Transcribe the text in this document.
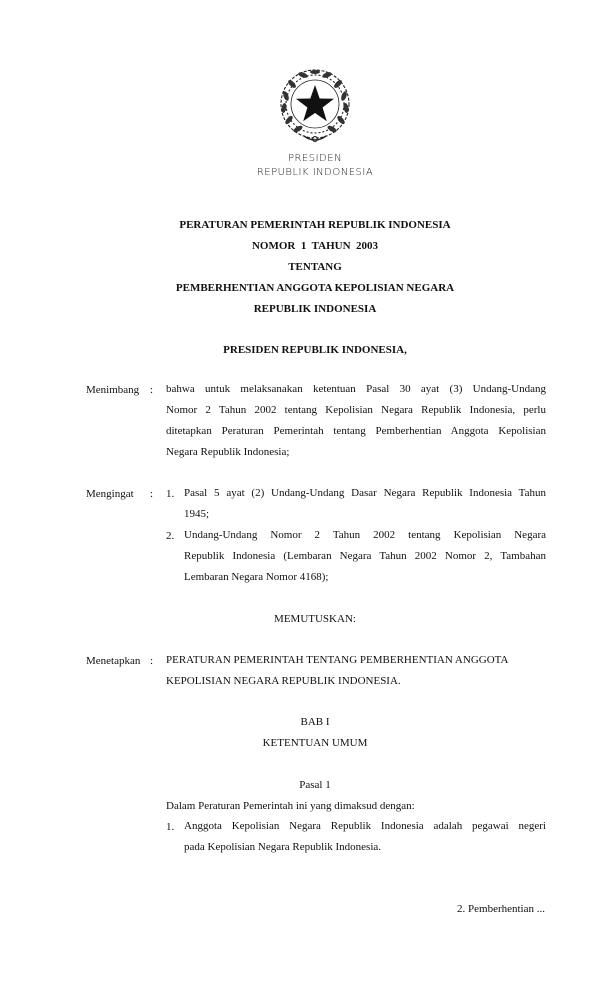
PRESIDEN
REPUBLIK INDONESIA
PERATURAN PEMERINTAH REPUBLIK INDONESIA
NOMOR  1  TAHUN  2003
TENTANG
PEMBERHENTIAN ANGGOTA KEPOLISIAN NEGARA
REPUBLIK INDONESIA
PRESIDEN REPUBLIK INDONESIA,
Menimbang : bahwa untuk melaksanakan ketentuan Pasal 30 ayat (3) Undang-Undang
Nomor 2 Tahun 2002 tentang Kepolisian Negara Republik Indonesia, perlu
ditetapkan Peraturan Pemerintah tentang Pemberhentian Anggota Kepolisian
Negara Republik Indonesia;
Mengingat : 1. Pasal 5 ayat (2) Undang-Undang Dasar Negara Republik Indonesia Tahun
1945;
2. Undang-Undang Nomor 2 Tahun 2002 tentang Kepolisian Negara
Republik Indonesia (Lembaran Negara Tahun 2002 Nomor 2, Tambahan
Lembaran Negara Nomor 4168);
MEMUTUSKAN:
Menetapkan : PERATURAN PEMERINTAH TENTANG PEMBERHENTIAN ANGGOTA
KEPOLISIAN NEGARA REPUBLIK INDONESIA.
BAB I
KETENTUAN UMUM
Pasal 1
Dalam Peraturan Pemerintah ini yang dimaksud dengan:
1. Anggota Kepolisian Negara Republik Indonesia adalah pegawai negeri
pada Kepolisian Negara Republik Indonesia.
2. Pemberhentian ...
